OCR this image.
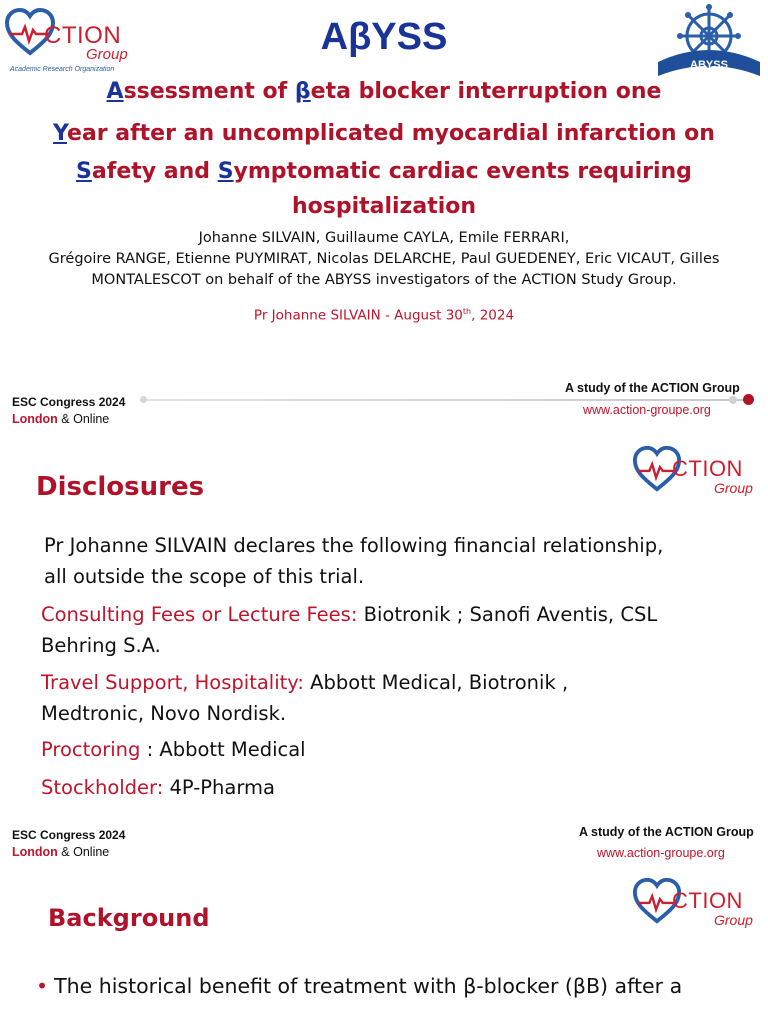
CTION
Group
Academic Research Organization	ABYSS
AβYSS
Assessment of βeta blocker interruption one
Year after an uncomplicated myocardial infarction on
Safety and Symptomatic cardiac events requiring
hospitalization
Johanne SILVAIN, Guillaume CAYLA, Emile FERRARI,
Grégoire RANGE, Etienne PUYMIRAT, Nicolas DELARCHE, Paul GUEDENEY, Eric VICAUT, Gilles
MONTALESCOT on behalf of the ABYSS investigators of the ACTION Study Group.
Pr Johanne SILVAIN - August 30th, 2024
ESC Congress 2024
London & Online
A study of the ACTION Group
www.action-groupe.org
CTION
Group
Disclosures
Pr Johanne SILVAIN declares the following financial relationship,
all outside the scope of this trial.
Consulting Fees or Lecture Fees: Biotronik ; Sanofi Aventis, CSL
Behring S.A.
Travel Support, Hospitality: Abbott Medical, Biotronik ,
Medtronic, Novo Nordisk.
Proctoring : Abbott Medical
Stockholder: 4P-Pharma
ESC Congress 2024
London & Online
A study of the ACTION Group
www.action-groupe.org
CTION
Group
Background
• The historical benefit of treatment with β-blocker (βB) after a
